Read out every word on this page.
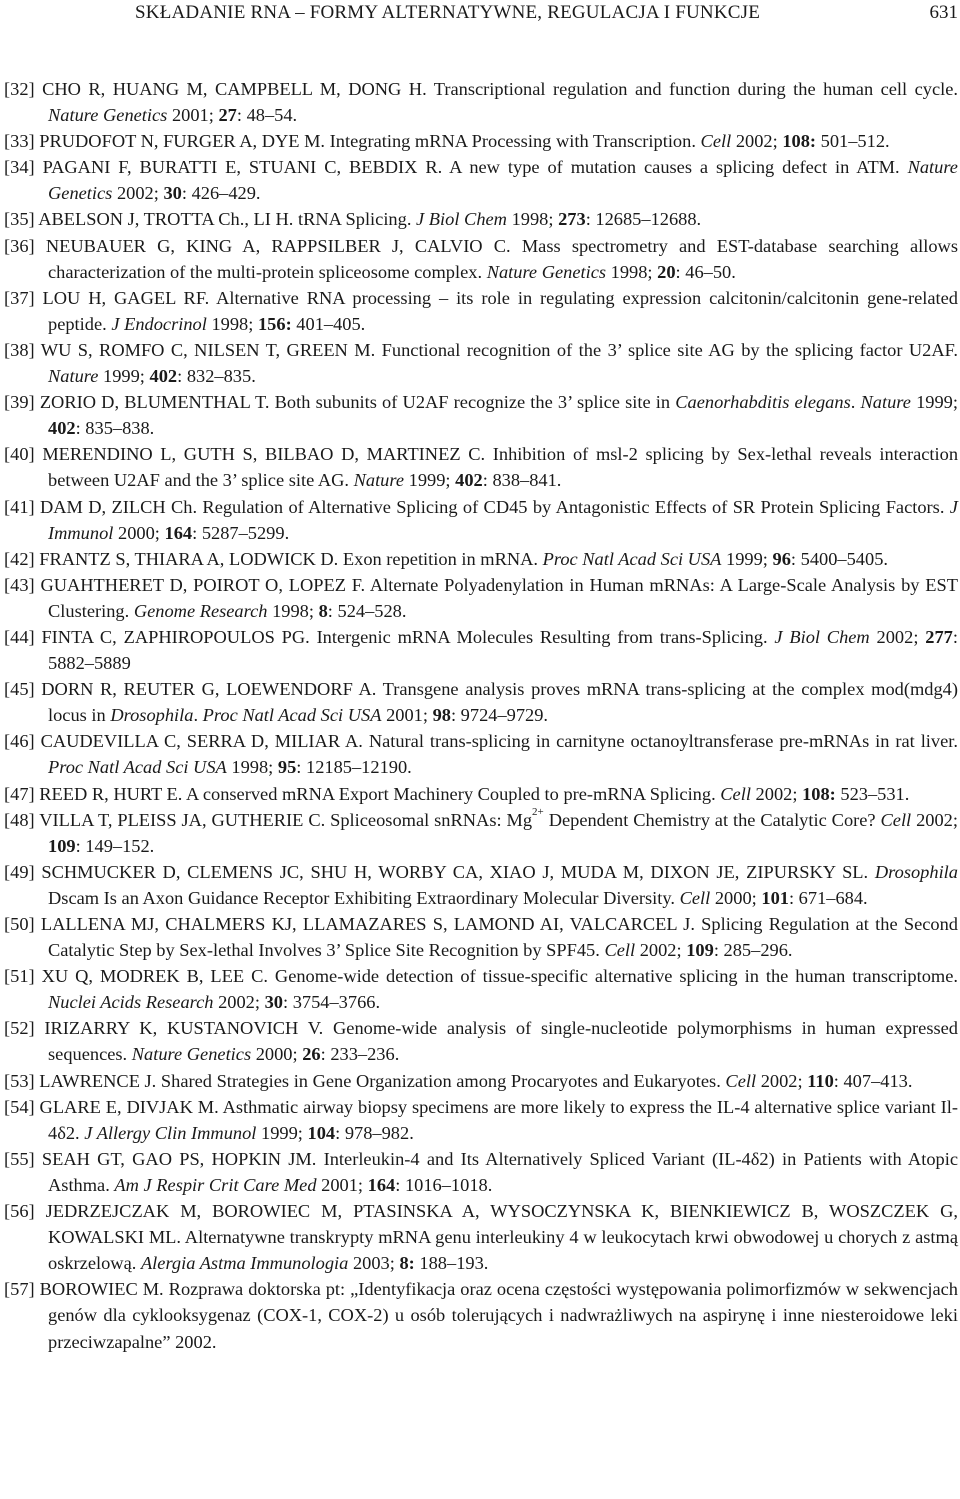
SKŁADANIE RNA – FORMY ALTERNATYWNE, REGULACJA I FUNKCJE	631

[32] CHO R, HUANG M, CAMPBELL M, DONG H. Transcriptional regulation and function during the human cell cycle. Nature Genetics 2001; 27: 48–54.

[33] PRUDOFOT N, FURGER A, DYE M. Integrating mRNA Processing with Transcription. Cell 2002; 108: 501–512.

[34] PAGANI F, BURATTI E, STUANI C, BEBDIX R. A new type of mutation causes a splicing defect in ATM. Nature Genetics 2002; 30: 426–429.

[35] ABELSON J, TROTTA Ch., LI H. tRNA Splicing. J Biol Chem 1998; 273: 12685–12688.

[36] NEUBAUER G, KING A, RAPPSILBER J, CALVIO C. Mass spectrometry and EST-database searching allows characterization of the multi-protein spliceosome complex. Nature Genetics 1998; 20: 46–50.

[37] LOU H, GAGEL RF. Alternative RNA processing – its role in regulating expression calcitonin/calcitonin gene-related peptide. J Endocrinol 1998; 156: 401–405.

[38] WU S, ROMFO C, NILSEN T, GREEN M. Functional recognition of the 3’ splice site AG by the splicing factor U2AF. Nature 1999; 402: 832–835.

[39] ZORIO D, BLUMENTHAL T. Both subunits of U2AF recognize the 3’ splice site in Caenorhabditis elegans. Nature 1999; 402: 835–838.

[40] MERENDINO L, GUTH S, BILBAO D, MARTINEZ C. Inhibition of msl-2 splicing by Sex-lethal reveals interaction between U2AF and the 3’ splice site AG. Nature 1999; 402: 838–841.

[41] DAM D, ZILCH Ch. Regulation of Alternative Splicing of CD45 by Antagonistic Effects of SR Protein Splicing Factors. J Immunol 2000; 164: 5287–5299.

[42] FRANTZ S, THIARA A, LODWICK D. Exon repetition in mRNA. Proc Natl Acad Sci USA 1999; 96: 5400–5405.

[43] GUAHTHERET D, POIROT O, LOPEZ F. Alternate Polyadenylation in Human mRNAs: A Large-Scale Analysis by EST Clustering. Genome Research 1998; 8: 524–528.

[44] FINTA C, ZAPHIROPOULOS PG. Intergenic mRNA Molecules Resulting from trans-Splicing. J Biol Chem 2002; 277: 5882–5889

[45] DORN R, REUTER G, LOEWENDORF A. Transgene analysis proves mRNA trans-splicing at the complex mod(mdg4) locus in Drosophila. Proc Natl Acad Sci USA 2001; 98: 9724–9729.

[46] CAUDEVILLA C, SERRA D, MILIAR A. Natural trans-splicing in carnityne octanoyltransferase pre-mRNAs in rat liver. Proc Natl Acad Sci USA 1998; 95: 12185–12190.

[47] REED R, HURT E. A conserved mRNA Export Machinery Coupled to pre-mRNA Splicing. Cell 2002; 108: 523–531.

[48] VILLA T, PLEISS JA, GUTHERIE C. Spliceosomal snRNAs: $Mg^{2+}$ Dependent Chemistry at the Catalytic Core? Cell 2002; 109: 149–152.

[49] SCHMUCKER D, CLEMENS JC, SHU H, WORBY CA, XIAO J, MUDA M, DIXON JE, ZIPURSKY SL. Drosophila Dscam Is an Axon Guidance Receptor Exhibiting Extraordinary Molecular Diversity. Cell 2000; 101: 671–684.

[50] LALLENA MJ, CHALMERS KJ, LLAMAZARES S, LAMOND AI, VALCARCEL J. Splicing Regulation at the Second Catalytic Step by Sex-lethal Involves 3’ Splice Site Recognition by SPF45. Cell 2002; 109: 285–296.

[51] XU Q, MODREK B, LEE C. Genome-wide detection of tissue-specific alternative splicing in the human transcriptome. Nuclei Acids Research 2002; 30: 3754–3766.

[52] IRIZARRY K, KUSTANOVICH V. Genome-wide analysis of single-nucleotide polymorphisms in human expressed sequences. Nature Genetics 2000; 26: 233–236.

[53] LAWRENCE J. Shared Strategies in Gene Organization among Procaryotes and Eukaryotes. Cell 2002; 110: 407–413.

[54] GLARE E, DIVJAK M. Asthmatic airway biopsy specimens are more likely to express the IL-4 alternative splice variant Il-4δ2. J Allergy Clin Immunol 1999; 104: 978–982.

[55] SEAH GT, GAO PS, HOPKIN JM. Interleukin-4 and Its Alternatively Spliced Variant (IL-4δ2) in Patients with Atopic Asthma. Am J Respir Crit Care Med 2001; 164: 1016–1018.

[56] JEDRZEJCZAK M, BOROWIEC M, PTASINSKA A, WYSOCZYNSKA K, BIENKIEWICZ B, WOSZCZEK G, KOWALSKI ML. Alternatywne transkrypty mRNA genu interleukiny 4 w leukocytach krwi obwodowej u chorych z astmą oskrzelową. Alergia Astma Immunologia 2003; 8: 188–193.

[57] BOROWIEC M. Rozprawa doktorska pt: „Identyfikacja oraz ocena częstości występowania polimorfizmów w sekwencjach genów dla cyklooksygenaz (COX-1, COX-2) u osób tolerujących i nadwrażliwych na aspirynę i inne niesteroidowe leki przeciwzapalne” 2002.
